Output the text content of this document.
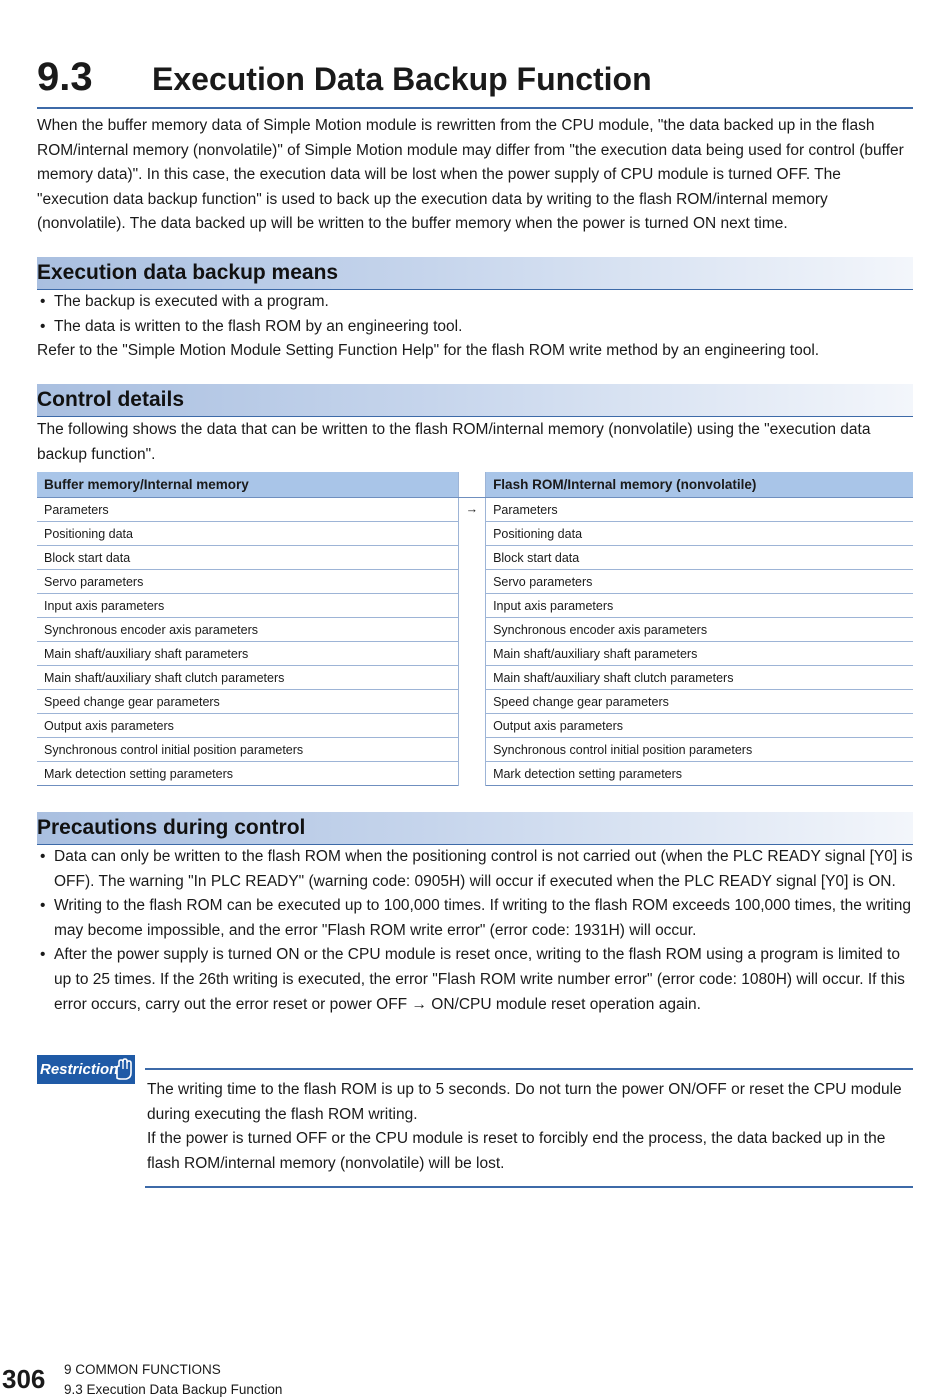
9.3 Execution Data Backup Function

When the buffer memory data of Simple Motion module is rewritten from the CPU module, "the data backed up in the flash ROM/internal memory (nonvolatile)" of Simple Motion module may differ from "the execution data being used for control (buffer memory data)". In this case, the execution data will be lost when the power supply of CPU module is turned OFF. The "execution data backup function" is used to back up the execution data by writing to the flash ROM/internal memory (nonvolatile). The data backed up will be written to the buffer memory when the power is turned ON next time.

Execution data backup means
• The backup is executed with a program.
• The data is written to the flash ROM by an engineering tool.

Refer to the "Simple Motion Module Setting Function Help" for the flash ROM write method by an engineering tool.

Control details

The following shows the data that can be written to the flash ROM/internal memory (nonvolatile) using the "execution data backup function".

Buffer memory/Internal memory		Flash ROM/Internal memory (nonvolatile)
Parameters	→	Parameters
Positioning data		Positioning data
Block start data		Block start data
Servo parameters		Servo parameters
Input axis parameters		Input axis parameters
Synchronous encoder axis parameters		Synchronous encoder axis parameters
Main shaft/auxiliary shaft parameters		Main shaft/auxiliary shaft parameters
Main shaft/auxiliary shaft clutch parameters		Main shaft/auxiliary shaft clutch parameters
Speed change gear parameters		Speed change gear parameters
Output axis parameters		Output axis parameters
Synchronous control initial position parameters		Synchronous control initial position parameters
Mark detection setting parameters		Mark detection setting parameters
Precautions during control
• Data can only be written to the flash ROM when the positioning control is not carried out (when the PLC READY signal [Y0] is OFF). The warning "In PLC READY" (warning code: 0905H) will occur if executed when the PLC READY signal [Y0] is ON.
• Writing to the flash ROM can be executed up to 100,000 times. If writing to the flash ROM exceeds 100,000 times, the writing may become impossible, and the error "Flash ROM write error" (error code: 1931H) will occur.
• After the power supply is turned ON or the CPU module is reset once, writing to the flash ROM using a program is limited to up to 25 times. If the 26th writing is executed, the error "Flash ROM write number error" (error code: 1080H) will occur. If this error occurs, carry out the error reset or power OFF → ON/CPU module reset operation again.
Restriction
The writing time to the flash ROM is up to 5 seconds. Do not turn the power ON/OFF or reset the CPU module during executing the flash ROM writing.
If the power is turned OFF or the CPU module is reset to forcibly end the process, the data backed up in the flash ROM/internal memory (nonvolatile) will be lost.
306 9 COMMON FUNCTIONS
9.3 Execution Data Backup Function
